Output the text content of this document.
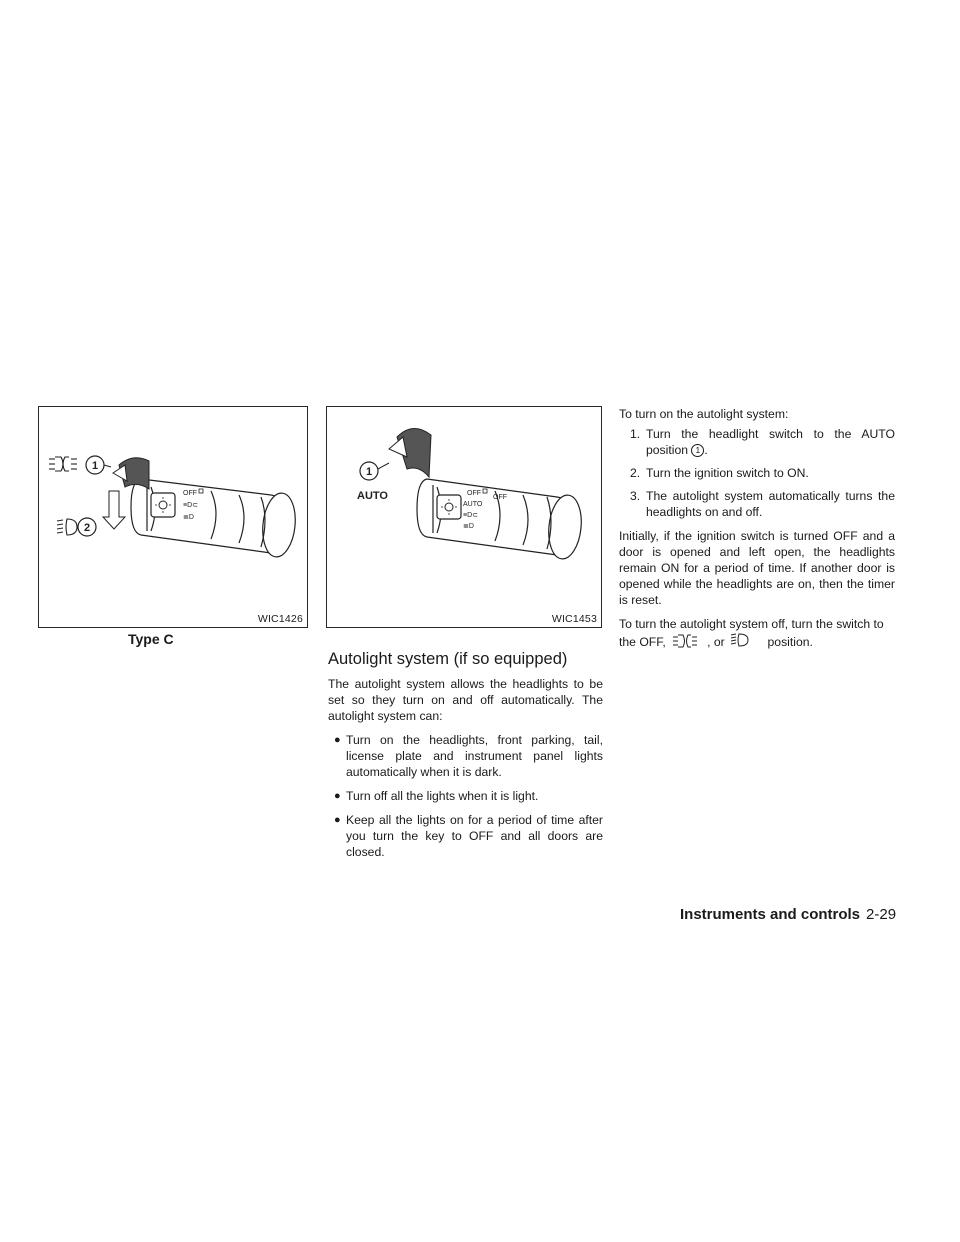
OFF
≡D⊂
≣D
1
2
WIC1426
Type C
OFF
AUTO
≡D⊂
≣D
OFF
1
AUTO
WIC1453
Autolight system (if so equipped)

The autolight system allows the headlights to be set so they turn on and off automatically. The autolight system can:

● Turn on the headlights, front parking, tail, license plate and instrument panel lights automatically when it is dark.
● Turn off all the lights when it is light.
● Keep all the lights on for a period of time after you turn the key to OFF and all doors are closed.

To turn on the autolight system:

1. Turn the headlight switch to the AUTO position 1 .
2. Turn the ignition switch to ON.
3. The autolight system automatically turns the headlights on and off.

Initially, if the ignition switch is turned OFF and a door is opened and left open, the headlights remain ON for a period of time. If another door is opened while the headlights are on, then the timer is reset.

To turn the autolight system off, turn the switch to the OFF,	, or	position.

Instruments and controls 2-29
